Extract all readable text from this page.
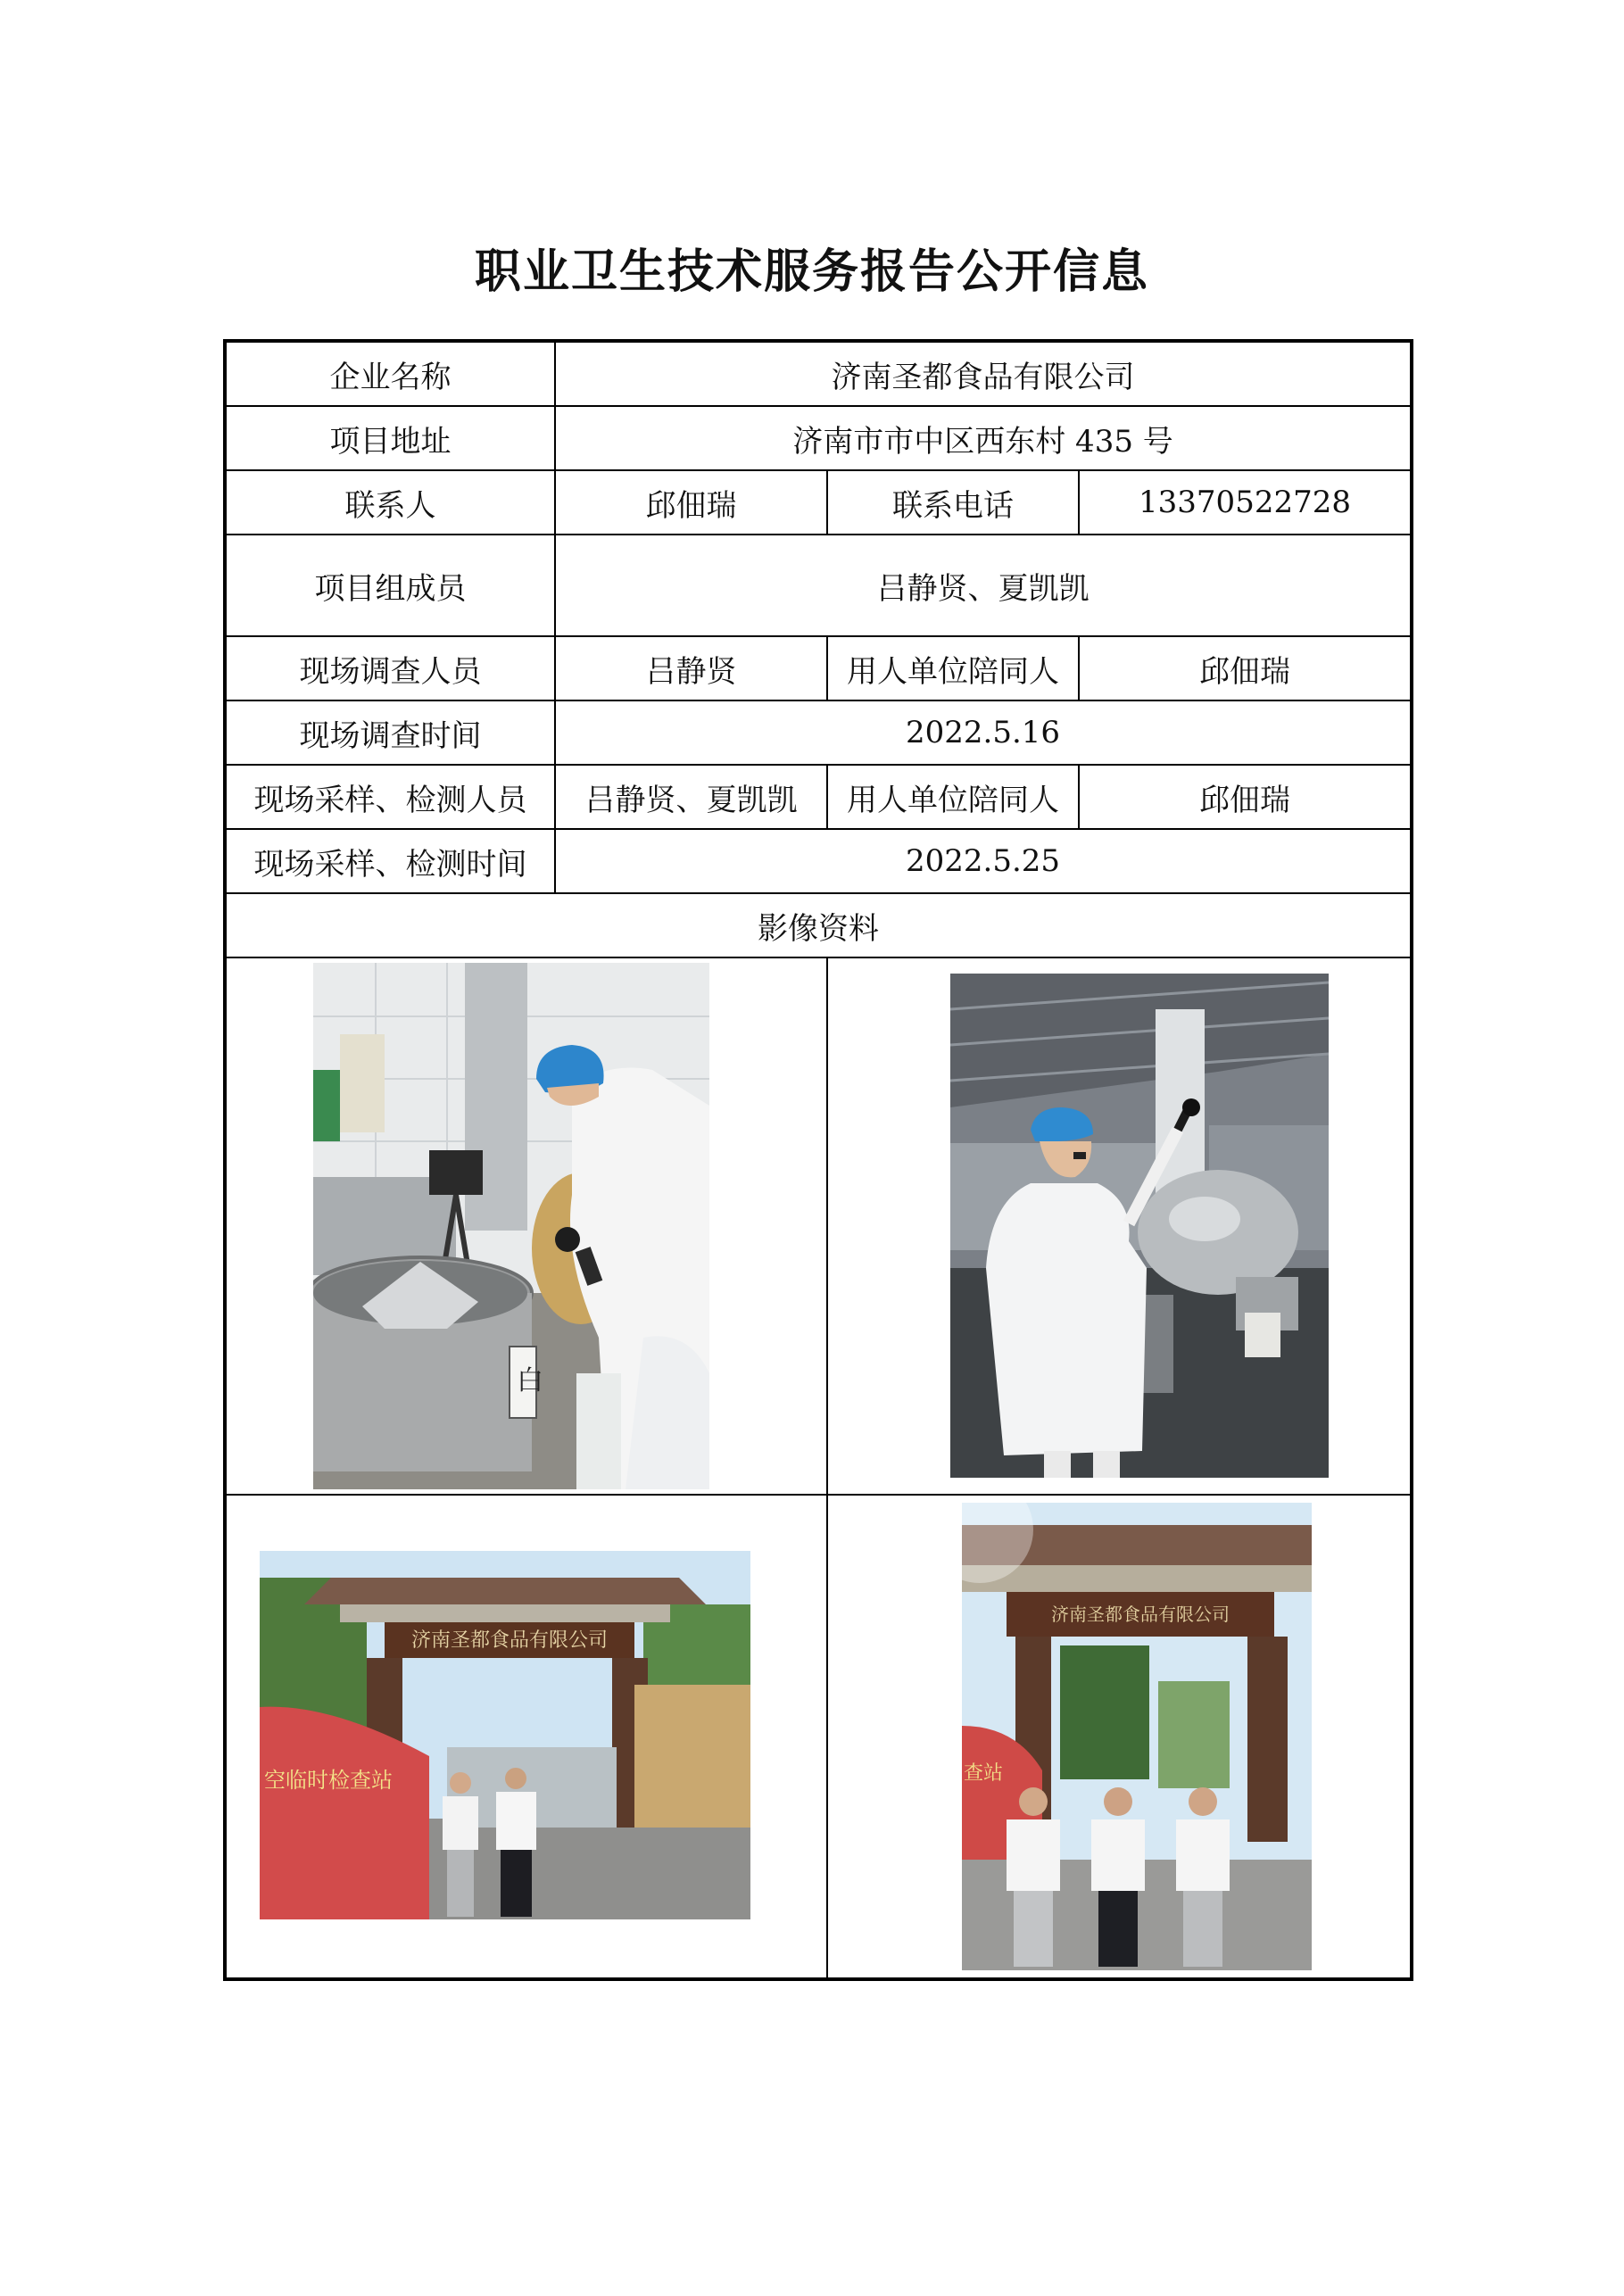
职业卫生技术服务报告公开信息
企业名称	济南圣都食品有限公司		
项目地址	济南市市中区西东村 435 号		
联系人	邱佃瑞	联系电话	13370522728
项目组成员	吕静贤、夏凯凯		
现场调查人员	吕静贤	用人单位陪同人	邱佃瑞
现场调查时间	2022.5.16		
现场采样、检测人员	吕静贤、夏凯凯	用人单位陪同人	邱佃瑞
现场采样、检测时间	2022.5.25		
影像资料			

白

济南圣都食品有限公司
空临时检查站		济南圣都食品有限公司
查站	
